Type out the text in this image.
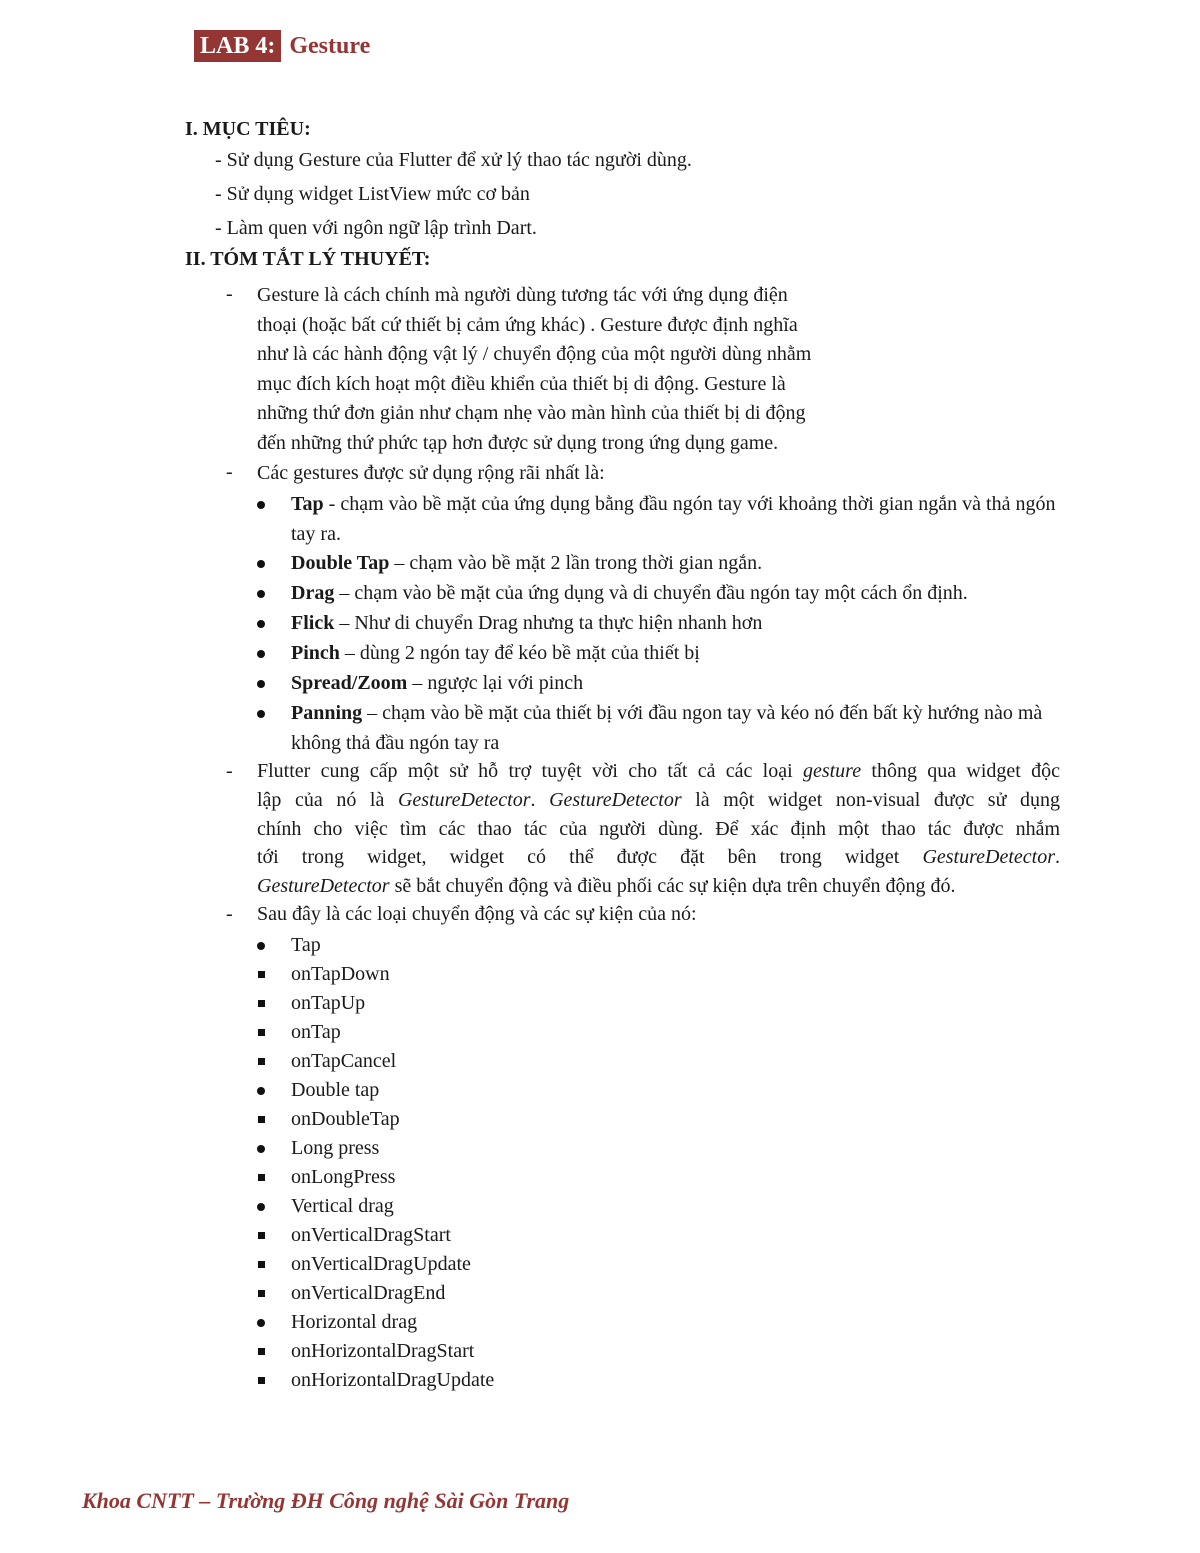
LAB 4: Gesture
I. MỤC TIÊU:
- Sử dụng Gesture của Flutter để xử lý thao tác người dùng.
- Sử dụng widget ListView mức cơ bản
- Làm quen với ngôn ngữ lập trình Dart.
II. TÓM TẮT LÝ THUYẾT:
- Gesture là cách chính mà người dùng tương tác với ứng dụng điện
thoại (hoặc bất cứ thiết bị cảm ứng khác) . Gesture được định nghĩa
như là các hành động vật lý / chuyển động của một người dùng nhằm
mục đích kích hoạt một điều khiển của thiết bị di động. Gesture là
những thứ đơn giản như chạm nhẹ vào màn hình của thiết bị di động
đến những thứ phức tạp hơn được sử dụng trong ứng dụng game.
- Các gestures được sử dụng rộng rãi nhất là:
Tap - chạm vào bề mặt của ứng dụng bằng đầu ngón tay với khoảng thời gian ngắn và thả ngón tay ra.
Double Tap – chạm vào bề mặt 2 lần trong thời gian ngắn.
Drag – chạm vào bề mặt của ứng dụng và di chuyển đầu ngón tay một cách ổn định.
Flick – Như di chuyển Drag nhưng ta thực hiện nhanh hơn
Pinch – dùng 2 ngón tay để kéo bề mặt của thiết bị
Spread/Zoom – ngược lại với pinch
Panning – chạm vào bề mặt của thiết bị với đầu ngon tay và kéo nó đến bất kỳ hướng nào mà không thả đầu ngón tay ra
- Flutter cung cấp một sử hỗ trợ tuyệt vời cho tất cả các loại gesture thông qua widget độc
lập của nó là GestureDetector. GestureDetector là một widget non-visual được sử dụng
chính cho việc tìm các thao tác của người dùng. Để xác định một thao tác được nhắm
tới trong widget, widget có thể được đặt bên trong widget GestureDetector.
GestureDetector sẽ bắt chuyển động và điều phối các sự kiện dựa trên chuyển động đó.
- Sau đây là các loại chuyển động và các sự kiện của nó:
Tap
onTapDown
onTapUp
onTap
onTapCancel
Double tap
onDoubleTap
Long press
onLongPress
Vertical drag
onVerticalDragStart
onVerticalDragUpdate
onVerticalDragEnd
Horizontal drag
onHorizontalDragStart
onHorizontalDragUpdate
Khoa CNTT – Trường ĐH Công nghệ Sài Gòn Trang
